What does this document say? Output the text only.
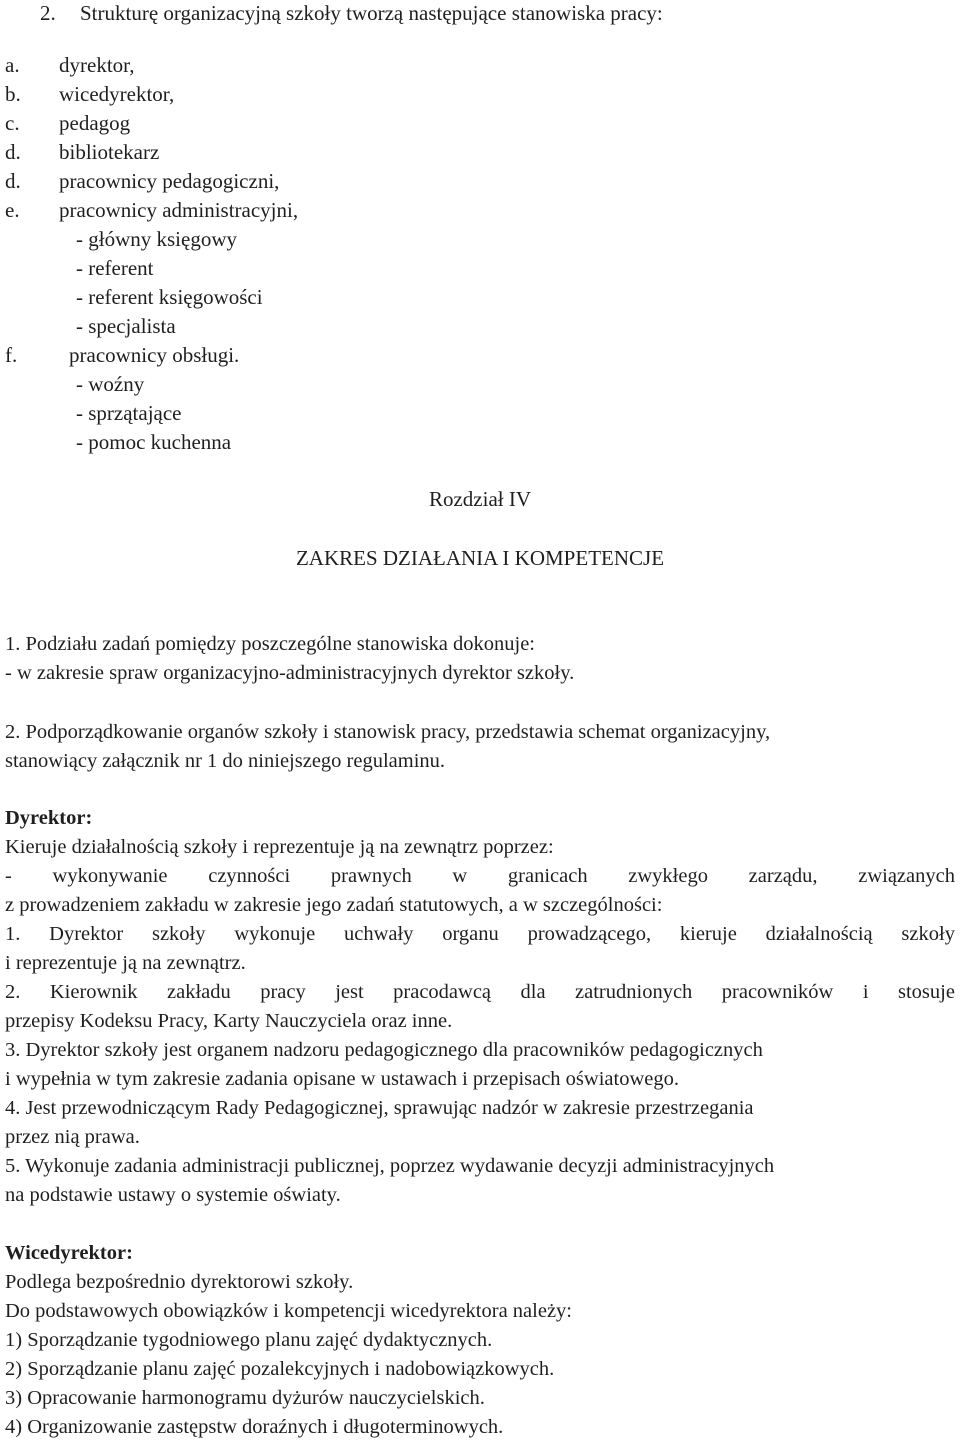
2. Strukturę organizacyjną szkoły tworzą następujące stanowiska pracy:
a. dyrektor,
b. wicedyrektor,
c. pedagog
d. bibliotekarz
d. pracownicy pedagogiczni,
e. pracownicy administracyjni,
- główny księgowy
- referent
- referent księgowości
- specjalista
f. pracownicy obsługi.
- woźny
- sprzątające
- pomoc kuchenna
Rozdział IV
ZAKRES DZIAŁANIA I KOMPETENCJE
1. Podziału zadań pomiędzy poszczególne stanowiska dokonuje:
- w zakresie spraw organizacyjno-administracyjnych dyrektor szkoły.
2. Podporządkowanie organów szkoły i stanowisk pracy, przedstawia schemat organizacyjny,
stanowiący załącznik nr 1 do niniejszego regulaminu.
Dyrektor:
Kieruje działalnością szkoły i reprezentuje ją na zewnątrz poprzez:
- wykonywanie czynności prawnych w granicach zwykłego zarządu, związanych
z prowadzeniem zakładu w zakresie jego zadań statutowych, a w szczególności:
1. Dyrektor szkoły wykonuje uchwały organu prowadzącego, kieruje działalnością szkoły
i reprezentuje ją na zewnątrz.
2. Kierownik zakładu pracy jest pracodawcą dla zatrudnionych pracowników i stosuje
przepisy Kodeksu Pracy, Karty Nauczyciela oraz inne.
3. Dyrektor szkoły jest organem nadzoru pedagogicznego dla pracowników pedagogicznych
i wypełnia w tym zakresie zadania opisane w ustawach i przepisach oświatowego.
4. Jest przewodniczącym Rady Pedagogicznej, sprawując nadzór w zakresie przestrzegania
przez nią prawa.
5. Wykonuje zadania administracji publicznej, poprzez wydawanie decyzji administracyjnych
na podstawie ustawy o systemie oświaty.
Wicedyrektor:
Podlega bezpośrednio dyrektorowi szkoły.
Do podstawowych obowiązków i kompetencji wicedyrektora należy:
1) Sporządzanie tygodniowego planu zajęć dydaktycznych.
2) Sporządzanie planu zajęć pozalekcyjnych i nadobowiązkowych.
3) Opracowanie harmonogramu dyżurów nauczycielskich.
4) Organizowanie zastępstw doraźnych i długoterminowych.
